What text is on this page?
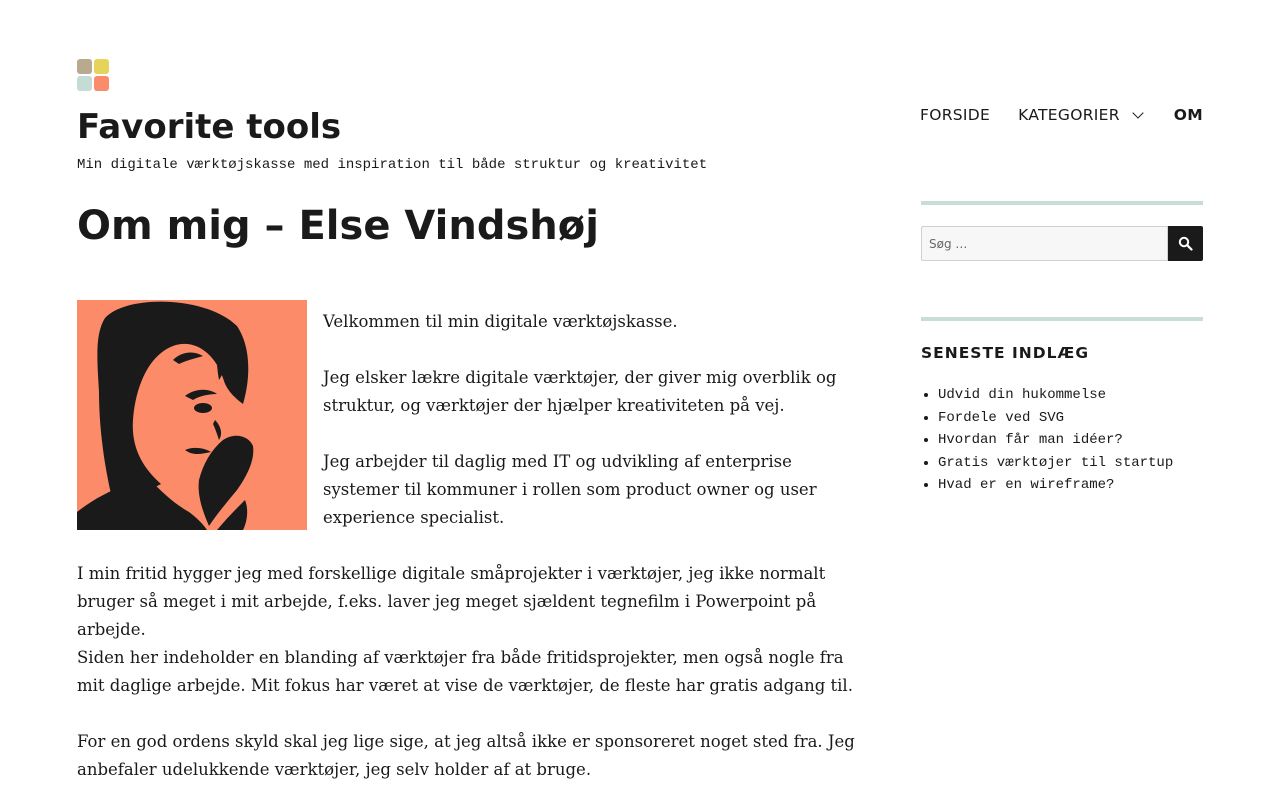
Favorite tools
Min digitale værktøjskasse med inspiration til både struktur og kreativitet
FORSIDE KATEGORIER	OM
Om mig – Else Vindshøj

Velkommen til min digitale værktøjskasse.

Jeg elsker lækre digitale værktøjer, der giver mig overblik og struktur, og værktøjer der hjælper kreativiteten på vej.

Jeg arbejder til daglig med IT og udvikling af enterprise systemer til kommuner i rollen som product owner og user experience specialist.

I min fritid hygger jeg med forskellige digitale småprojekter i værktøjer, jeg ikke normalt bruger så meget i mit arbejde, f.eks. laver jeg meget sjældent tegnefilm i Powerpoint på arbejde.

Siden her indeholder en blanding af værktøjer fra både fritidsprojekter, men også nogle fra mit daglige arbejde. Mit fokus har været at vise de værktøjer, de fleste har gratis adgang til.

For en god ordens skyld skal jeg lige sige, at jeg altså ikke er sponsoreret noget sted fra. Jeg anbefaler udelukkende værktøjer, jeg selv holder af at bruge.

Søg …
SENESTE INDLÆG
• Udvid din hukommelse
• Fordele ved SVG
• Hvordan får man idéer?
• Gratis værktøjer til startup
• Hvad er en wireframe?
